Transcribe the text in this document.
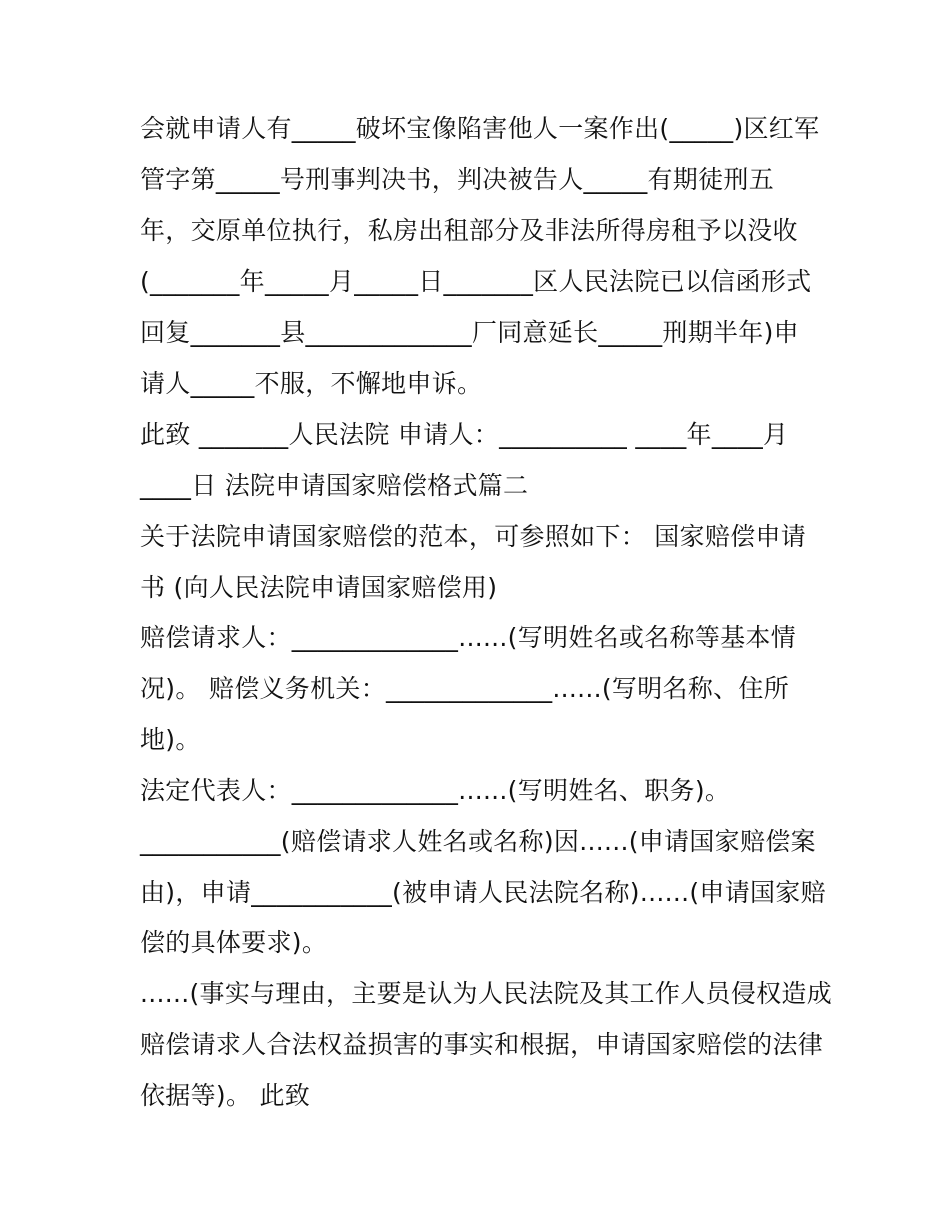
会就申请人有_____破坏宝像陷害他人一案作出(_____)区红军
管字第_____号刑事判决书，判决被告人_____有期徒刑五
年，交原单位执行，私房出租部分及非法所得房租予以没收
(_______年_____月_____日_______区人民法院已以信函形式
回复_______县_____________厂同意延长_____刑期半年)申
请人_____不服，不懈地申诉。
此致 _______人民法院 申请人：__________ ____年____月
____日 法院申请国家赔偿格式篇二
关于法院申请国家赔偿的范本，可参照如下： 国家赔偿申请
书 (向人民法院申请国家赔偿用)
赔偿请求人：_____________......(写明姓名或名称等基本情
况)。 赔偿义务机关：_____________......(写明名称、住所
地)。
法定代表人：_____________......(写明姓名、职务)。
___________(赔偿请求人姓名或名称)因......(申请国家赔偿案
由)，申请___________(被申请人民法院名称)......(申请国家赔
偿的具体要求)。
......(事实与理由，主要是认为人民法院及其工作人员侵权造成
赔偿请求人合法权益损害的事实和根据，申请国家赔偿的法律
依据等)。 此致
